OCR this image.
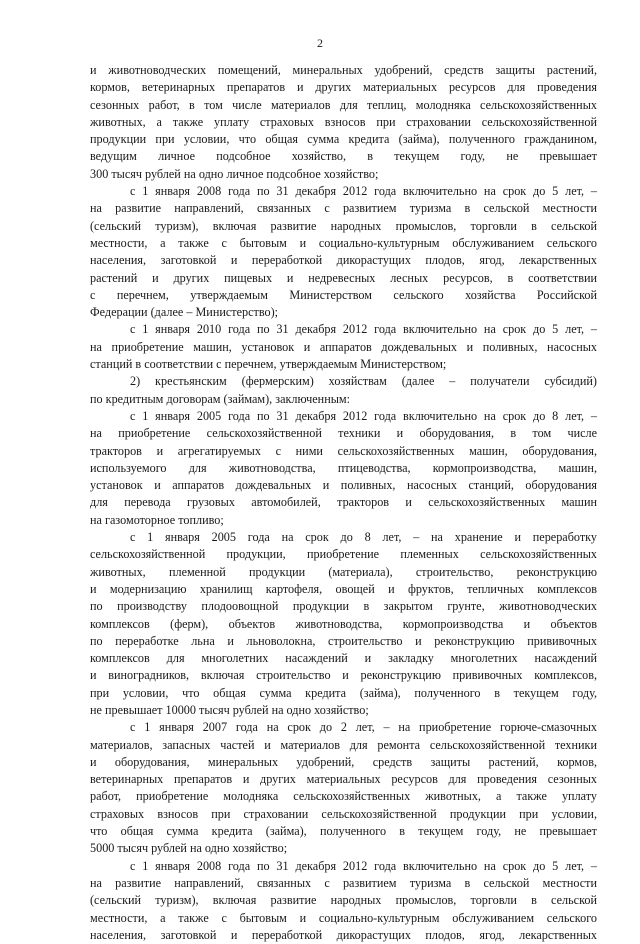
2
и животноводческих помещений, минеральных удобрений, средств защиты растений,
кормов, ветеринарных препаратов и других материальных ресурсов для проведения
сезонных работ, в том числе материалов для теплиц, молодняка сельскохозяйственных
животных, а также уплату страховых взносов при страховании сельскохозяйственной
продукции при условии, что общая сумма кредита (займа), полученного гражданином,
ведущим личное подсобное хозяйство, в текущем году, не превышает
300 тысяч рублей на одно личное подсобное хозяйство;
с 1 января 2008 года по 31 декабря 2012 года включительно на срок до 5 лет, –
на развитие направлений, связанных с развитием туризма в сельской местности
(сельский туризм), включая развитие народных промыслов, торговли в сельской
местности, а также с бытовым и социально-культурным обслуживанием сельского
населения, заготовкой и переработкой дикорастущих плодов, ягод, лекарственных
растений и других пищевых и недревесных лесных ресурсов, в соответствии
с перечнем, утверждаемым Министерством сельского хозяйства Российской
Федерации (далее – Министерство);
с 1 января 2010 года по 31 декабря 2012 года включительно на срок до 5 лет, –
на приобретение машин, установок и аппаратов дождевальных и поливных, насосных
станций в соответствии с перечнем, утверждаемым Министерством;
2) крестьянским (фермерским) хозяйствам (далее – получатели субсидий)
по кредитным договорам (займам), заключенным:
с 1 января 2005 года по 31 декабря 2012 года включительно на срок до 8 лет, –
на приобретение сельскохозяйственной техники и оборудования, в том числе
тракторов и агрегатируемых с ними сельскохозяйственных машин, оборудования,
используемого для животноводства, птицеводства, кормопроизводства, машин,
установок и аппаратов дождевальных и поливных, насосных станций, оборудования
для перевода грузовых автомобилей, тракторов и сельскохозяйственных машин
на газомоторное топливо;
с 1 января 2005 года на срок до 8 лет, – на хранение и переработку
сельскохозяйственной продукции, приобретение племенных сельскохозяйственных
животных, племенной продукции (материала), строительство, реконструкцию
и модернизацию хранилищ картофеля, овощей и фруктов, тепличных комплексов
по производству плодоовощной продукции в закрытом грунте, животноводческих
комплексов (ферм), объектов животноводства, кормопроизводства и объектов
по переработке льна и льноволокна, строительство и реконструкцию прививочных
комплексов для многолетних насаждений и закладку многолетних насаждений
и виноградников, включая строительство и реконструкцию прививочных комплексов,
при условии, что общая сумма кредита (займа), полученного в текущем году,
не превышает 10000 тысяч рублей на одно хозяйство;
с 1 января 2007 года на срок до 2 лет, – на приобретение горюче-смазочных
материалов, запасных частей и материалов для ремонта сельскохозяйственной техники
и оборудования, минеральных удобрений, средств защиты растений, кормов,
ветеринарных препаратов и других материальных ресурсов для проведения сезонных
работ, приобретение молодняка сельскохозяйственных животных, а также уплату
страховых взносов при страховании сельскохозяйственной продукции при условии,
что общая сумма кредита (займа), полученного в текущем году, не превышает
5000 тысяч рублей на одно хозяйство;
с 1 января 2008 года по 31 декабря 2012 года включительно на срок до 5 лет, –
на развитие направлений, связанных с развитием туризма в сельской местности
(сельский туризм), включая развитие народных промыслов, торговли в сельской
местности, а также с бытовым и социально-культурным обслуживанием сельского
населения, заготовкой и переработкой дикорастущих плодов, ягод, лекарственных
